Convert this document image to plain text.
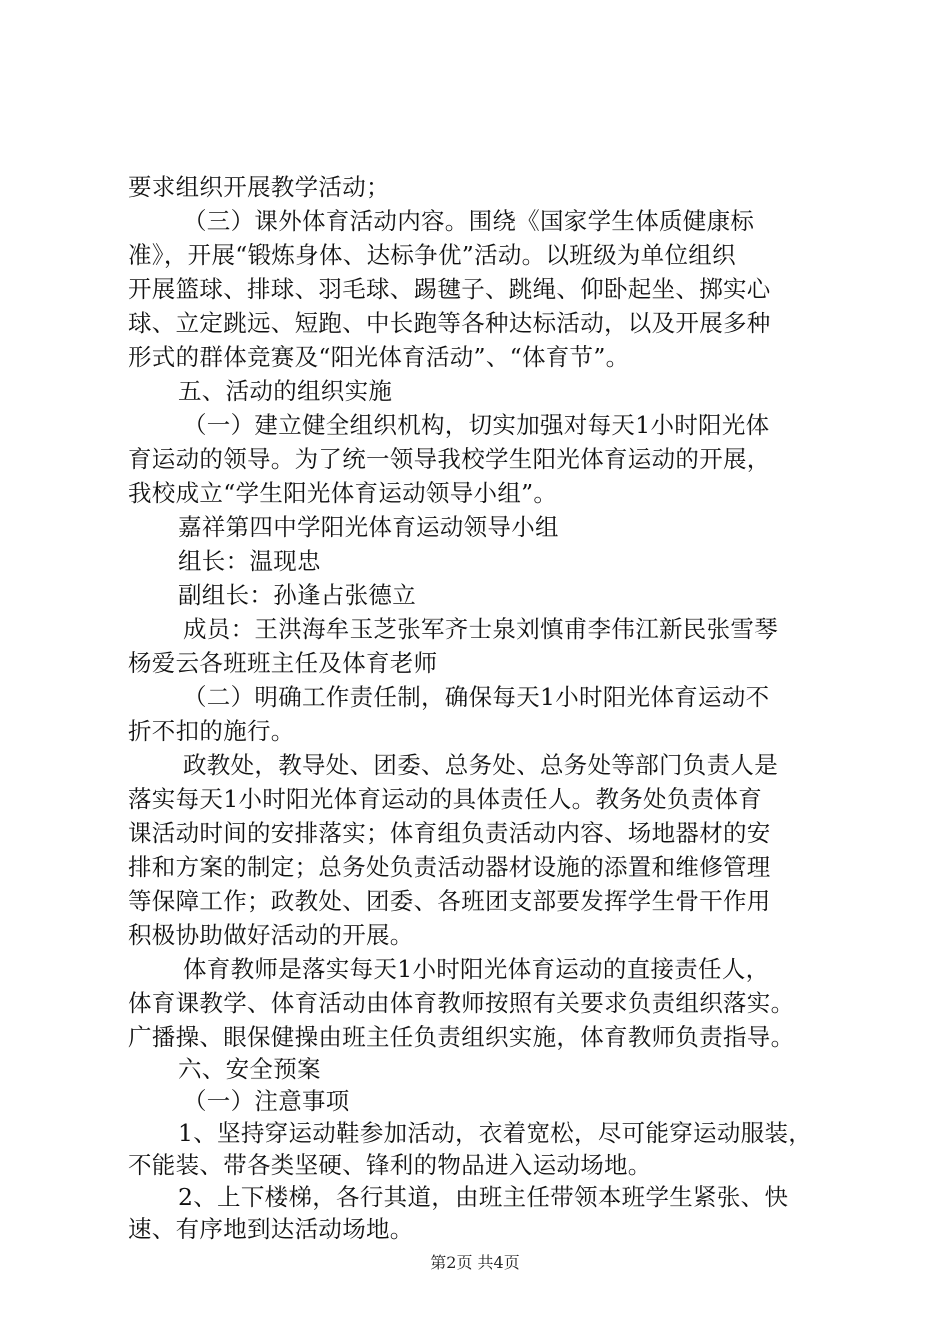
要求组织开展教学活动；
（三）课外体育活动内容。围绕《国家学生体质健康标
准》，开展“锻炼身体、达标争优”活动。以班级为单位组织
开展篮球、排球、羽毛球、踢毽子、跳绳、仰卧起坐、掷实心
球、立定跳远、短跑、中长跑等各种达标活动，以及开展多种
形式的群体竞赛及“阳光体育活动”、“体育节”。
五、活动的组织实施
（一）建立健全组织机构，切实加强对每天1小时阳光体
育运动的领导。为了统一领导我校学生阳光体育运动的开展，
我校成立“学生阳光体育运动领导小组”。
嘉祥第四中学阳光体育运动领导小组
组长：温现忠
副组长：孙逢占张德立
成员：王洪海牟玉芝张军齐士泉刘慎甫李伟江新民张雪琴
杨爱云各班班主任及体育老师
（二）明确工作责任制，确保每天1小时阳光体育运动不
折不扣的施行。
政教处，教导处、团委、总务处、总务处等部门负责人是
落实每天1小时阳光体育运动的具体责任人。教务处负责体育
课活动时间的安排落实；体育组负责活动内容、场地器材的安
排和方案的制定；总务处负责活动器材设施的添置和维修管理
等保障工作；政教处、团委、各班团支部要发挥学生骨干作用
积极协助做好活动的开展。
体育教师是落实每天1小时阳光体育运动的直接责任人，
体育课教学、体育活动由体育教师按照有关要求负责组织落实。
广播操、眼保健操由班主任负责组织实施，体育教师负责指导。
六、安全预案
（一）注意事项
1、坚持穿运动鞋参加活动，衣着宽松，尽可能穿运动服装，
不能装、带各类坚硬、锋利的物品进入运动场地。
2、上下楼梯，各行其道，由班主任带领本班学生紧张、快
速、有序地到达活动场地。
第2页 共4页
